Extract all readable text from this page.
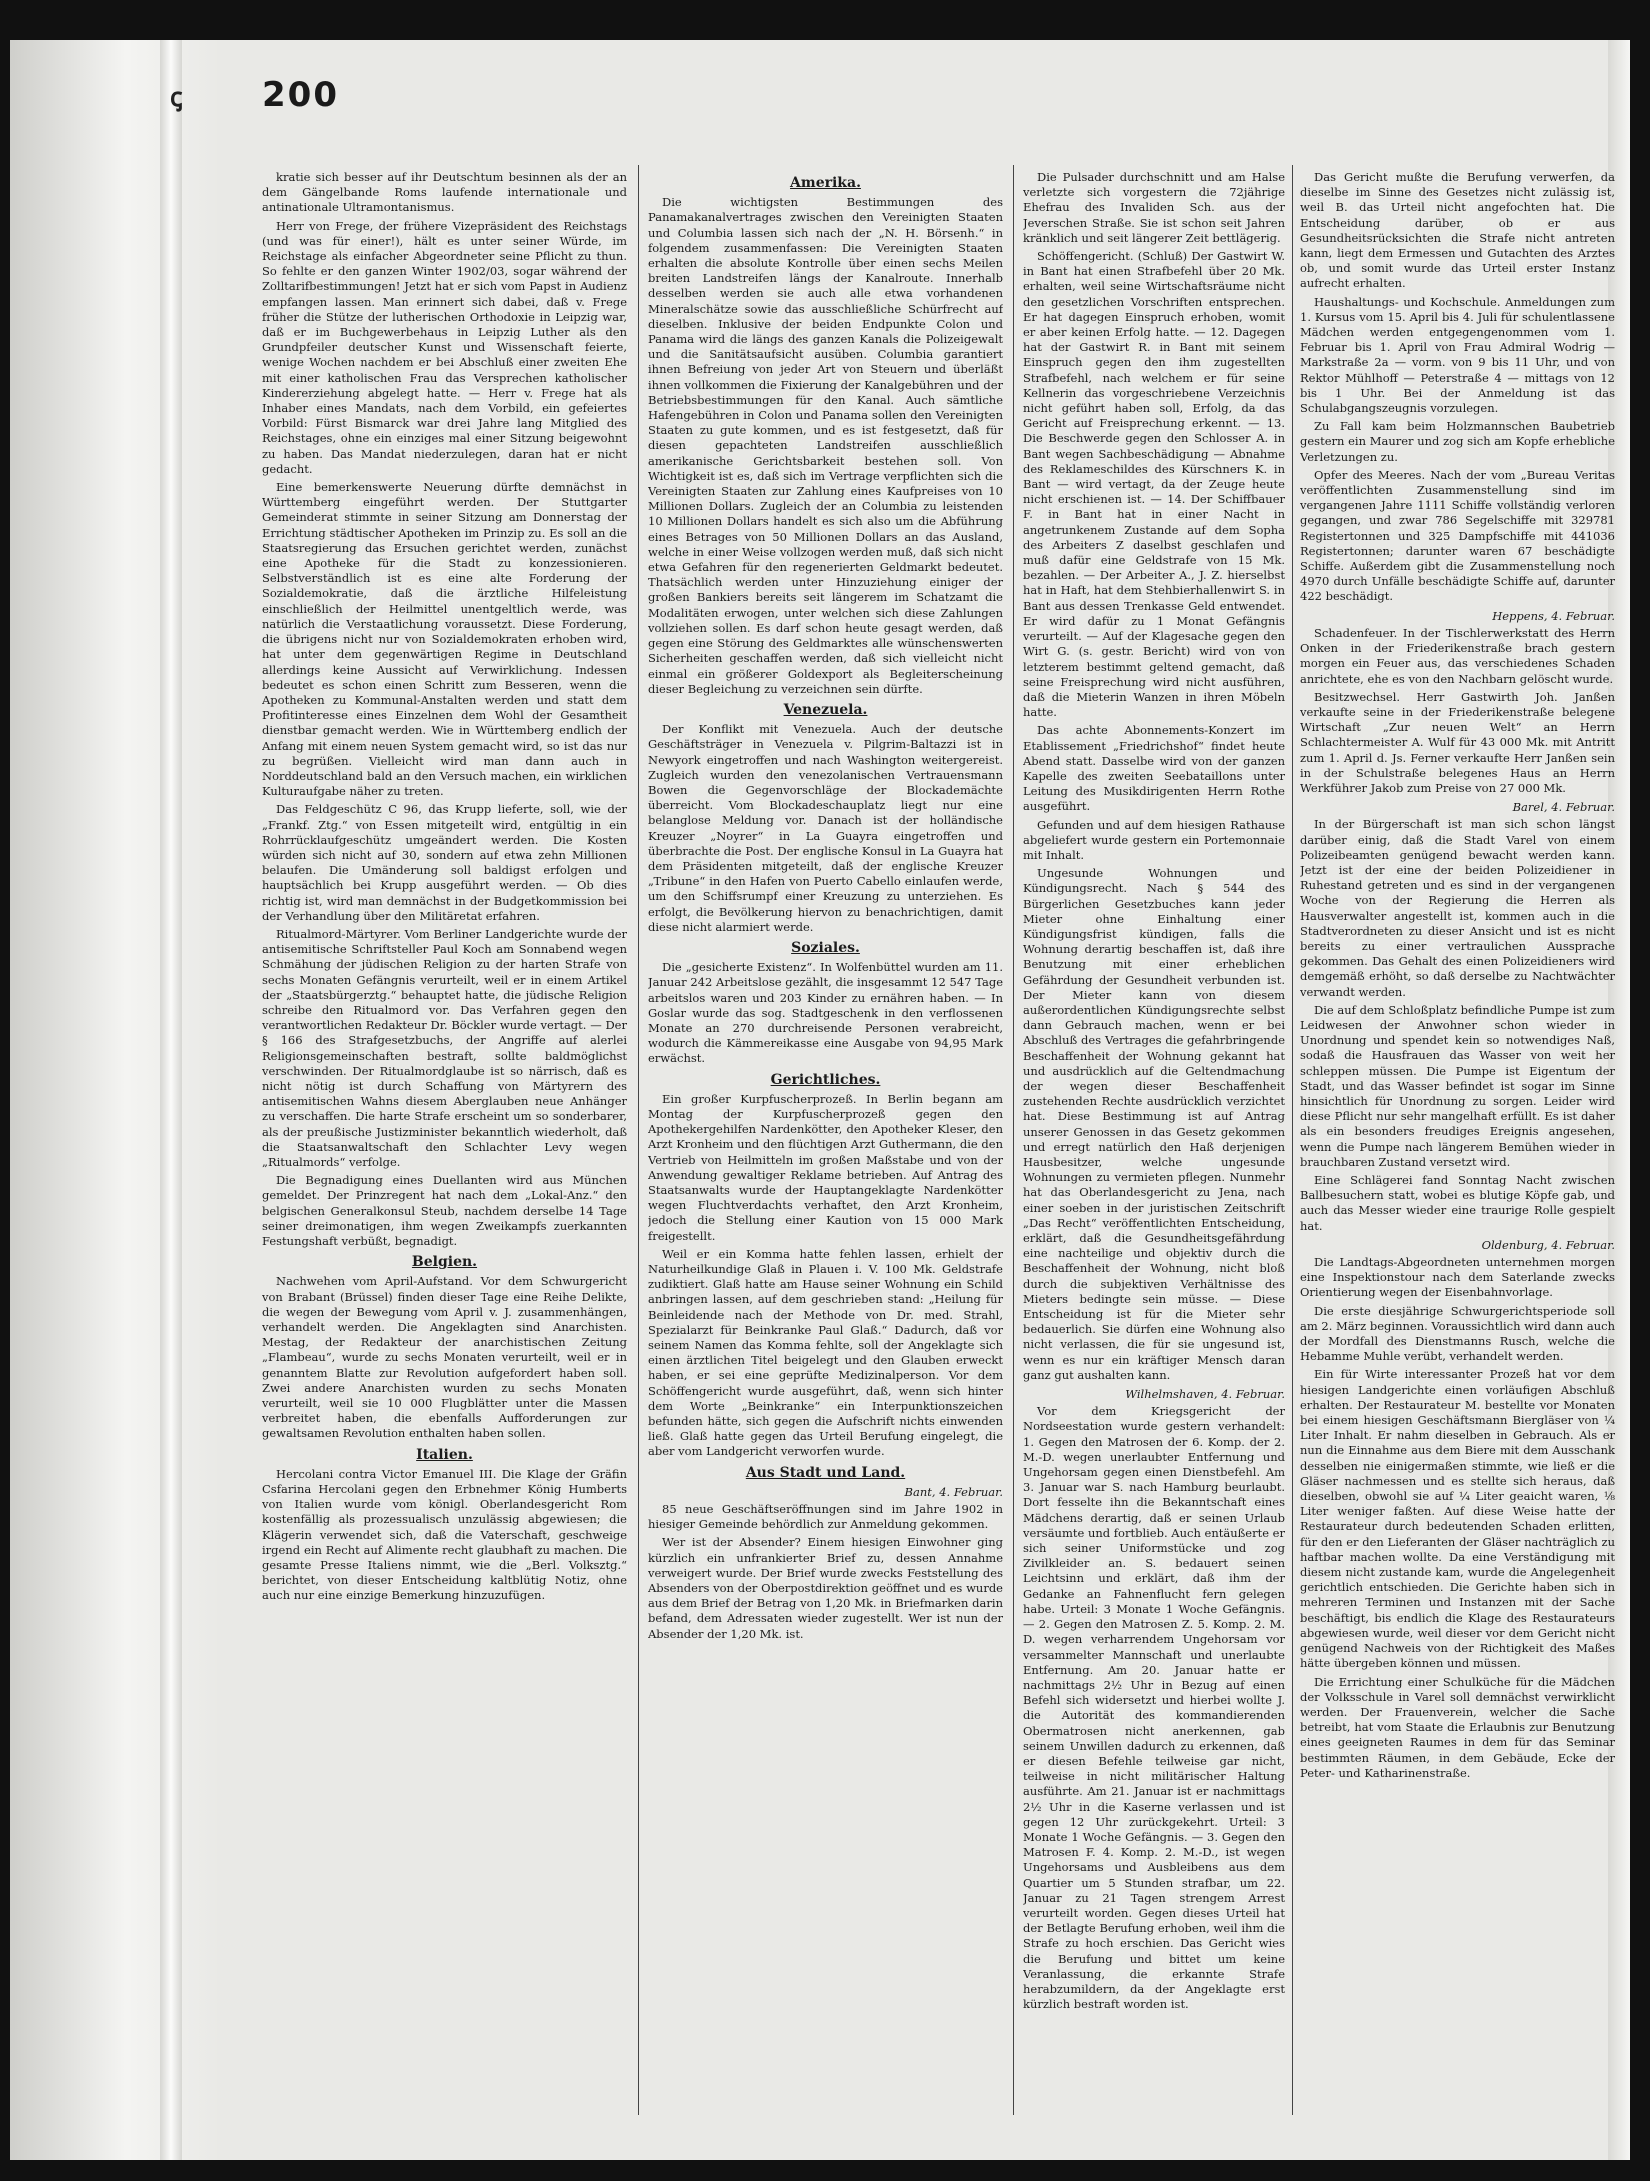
ꞔ 200

kratie sich besser auf ihr Deutschtum besinnen als der an dem Gängelbande Roms laufende internationale und antinationale Ultramontanismus.

Herr von Frege, der frühere Vizepräsident des Reichstags (und was für einer!), hält es unter seiner Würde, im Reichstage als einfacher Abgeordneter seine Pflicht zu thun. So fehlte er den ganzen Winter 1902/03, sogar während der Zolltarifbestimmungen! Jetzt hat er sich vom Papst in Audienz empfangen lassen. Man erinnert sich dabei, daß v. Frege früher die Stütze der lutherischen Orthodoxie in Leipzig war, daß er im Buchgewerbehaus in Leipzig Luther als den Grundpfeiler deutscher Kunst und Wissenschaft feierte, wenige Wochen nachdem er bei Abschluß einer zweiten Ehe mit einer katholischen Frau das Versprechen katholischer Kindererziehung abgelegt hatte. — Herr v. Frege hat als Inhaber eines Mandats, nach dem Vorbild, ein gefeiertes Vorbild: Fürst Bismarck war drei Jahre lang Mitglied des Reichstages, ohne ein einziges mal einer Sitzung beigewohnt zu haben. Das Mandat niederzulegen, daran hat er nicht gedacht.

Eine bemerkenswerte Neuerung dürfte demnächst in Württemberg eingeführt werden. Der Stuttgarter Gemeinderat stimmte in seiner Sitzung am Donnerstag der Errichtung städtischer Apotheken im Prinzip zu. Es soll an die Staatsregierung das Ersuchen gerichtet werden, zunächst eine Apotheke für die Stadt zu konzessionieren. Selbstverständlich ist es eine alte Forderung der Sozialdemokratie, daß die ärztliche Hilfeleistung einschließlich der Heilmittel unentgeltlich werde, was natürlich die Verstaatlichung voraussetzt. Diese Forderung, die übrigens nicht nur von Sozialdemokraten erhoben wird, hat unter dem gegenwärtigen Regime in Deutschland allerdings keine Aussicht auf Verwirklichung. Indessen bedeutet es schon einen Schritt zum Besseren, wenn die Apotheken zu Kommunal-Anstalten werden und statt dem Profitinteresse eines Einzelnen dem Wohl der Gesamtheit dienstbar gemacht werden. Wie in Württemberg endlich der Anfang mit einem neuen System gemacht wird, so ist das nur zu begrüßen. Vielleicht wird man dann auch in Norddeutschland bald an den Versuch machen, ein wirklichen Kulturaufgabe näher zu treten.

Das Feldgeschütz C 96, das Krupp lieferte, soll, wie der „Frankf. Ztg.“ von Essen mitgeteilt wird, entgültig in ein Rohrrücklaufgeschütz umgeändert werden. Die Kosten würden sich nicht auf 30, sondern auf etwa zehn Millionen belaufen. Die Umänderung soll baldigst erfolgen und hauptsächlich bei Krupp ausgeführt werden. — Ob dies richtig ist, wird man demnächst in der Budgetkommission bei der Verhandlung über den Militäretat erfahren.

Ritualmord-Märtyrer. Vom Berliner Landgerichte wurde der antisemitische Schriftsteller Paul Koch am Sonnabend wegen Schmähung der jüdischen Religion zu der harten Strafe von sechs Monaten Gefängnis verurteilt, weil er in einem Artikel der „Staatsbürgerztg.“ behauptet hatte, die jüdische Religion schreibe den Ritualmord vor. Das Verfahren gegen den verantwortlichen Redakteur Dr. Böckler wurde vertagt. — Der § 166 des Strafgesetzbuchs, der Angriffe auf alerlei Religionsgemeinschaften bestraft, sollte baldmöglichst verschwinden. Der Ritualmordglaube ist so närrisch, daß es nicht nötig ist durch Schaffung von Märtyrern des antisemitischen Wahns diesem Aberglauben neue Anhänger zu verschaffen. Die harte Strafe erscheint um so sonderbarer, als der preußische Justizminister bekanntlich wiederholt, daß die Staatsanwaltschaft den Schlachter Levy wegen „Ritualmords“ verfolge.

Die Begnadigung eines Duellanten wird aus München gemeldet. Der Prinzregent hat nach dem „Lokal-Anz.“ den belgischen Generalkonsul Steub, nachdem derselbe 14 Tage seiner dreimonatigen, ihm wegen Zweikampfs zuerkannten Festungshaft verbüßt, begnadigt.

Belgien.

Nachwehen vom April-Aufstand. Vor dem Schwurgericht von Brabant (Brüssel) finden dieser Tage eine Reihe Delikte, die wegen der Bewegung vom April v. J. zusammenhängen, verhandelt werden. Die Angeklagten sind Anarchisten. Mestag, der Redakteur der anarchistischen Zeitung „Flambeau“, wurde zu sechs Monaten verurteilt, weil er in genanntem Blatte zur Revolution aufgefordert haben soll. Zwei andere Anarchisten wurden zu sechs Monaten verurteilt, weil sie 10 000 Flugblätter unter die Massen verbreitet haben, die ebenfalls Aufforderungen zur gewaltsamen Revolution enthalten haben sollen.

Italien.

Hercolani contra Victor Emanuel III. Die Klage der Gräfin Csfarina Hercolani gegen den Erbnehmer König Humberts von Italien wurde vom königl. Oberlandesgericht Rom kostenfällig als prozessualisch unzulässig abgewiesen; die Klägerin verwendet sich, daß die Vaterschaft, geschweige irgend ein Recht auf Alimente recht glaubhaft zu machen. Die gesamte Presse Italiens nimmt, wie die „Berl. Volksztg.“ berichtet, von dieser Entscheidung kaltblütig Notiz, ohne auch nur eine einzige Bemerkung hinzuzufügen.

Amerika.

Die wichtigsten Bestimmungen des Panamakanalvertrages zwischen den Vereinigten Staaten und Columbia lassen sich nach der „N. H. Börsenh.“ in folgendem zusammenfassen: Die Vereinigten Staaten erhalten die absolute Kontrolle über einen sechs Meilen breiten Landstreifen längs der Kanalroute. Innerhalb desselben werden sie auch alle etwa vorhandenen Mineralschätze sowie das ausschließliche Schürfrecht auf dieselben. Inklusive der beiden Endpunkte Colon und Panama wird die längs des ganzen Kanals die Polizeigewalt und die Sanitätsaufsicht ausüben. Columbia garantiert ihnen Befreiung von jeder Art von Steuern und überläßt ihnen vollkommen die Fixierung der Kanalgebühren und der Betriebsbestimmungen für den Kanal. Auch sämtliche Hafengebühren in Colon und Panama sollen den Vereinigten Staaten zu gute kommen, und es ist festgesetzt, daß für diesen gepachteten Landstreifen ausschließlich amerikanische Gerichtsbarkeit bestehen soll. Von Wichtigkeit ist es, daß sich im Vertrage verpflichten sich die Vereinigten Staaten zur Zahlung eines Kaufpreises von 10 Millionen Dollars. Zugleich der an Columbia zu leistenden 10 Millionen Dollars handelt es sich also um die Abführung eines Betrages von 50 Millionen Dollars an das Ausland, welche in einer Weise vollzogen werden muß, daß sich nicht etwa Gefahren für den regenerierten Geldmarkt bedeutet. Thatsächlich werden unter Hinzuziehung einiger der großen Bankiers bereits seit längerem im Schatzamt die Modalitäten erwogen, unter welchen sich diese Zahlungen vollziehen sollen. Es darf schon heute gesagt werden, daß gegen eine Störung des Geldmarktes alle wünschenswerten Sicherheiten geschaffen werden, daß sich vielleicht nicht einmal ein größerer Goldexport als Begleiterscheinung dieser Begleichung zu verzeichnen sein dürfte.

Venezuela.

Der Konflikt mit Venezuela. Auch der deutsche Geschäftsträger in Venezuela v. Pilgrim-Baltazzi ist in Newyork eingetroffen und nach Washington weitergereist. Zugleich wurden den venezolanischen Vertrauensmann Bowen die Gegenvorschläge der Blockademächte überreicht. Vom Blockadeschauplatz liegt nur eine belanglose Meldung vor. Danach ist der holländische Kreuzer „Noyrer“ in La Guayra eingetroffen und überbrachte die Post. Der englische Konsul in La Guayra hat dem Präsidenten mitgeteilt, daß der englische Kreuzer „Tribune“ in den Hafen von Puerto Cabello einlaufen werde, um den Schiffsrumpf einer Kreuzung zu unterziehen. Es erfolgt, die Bevölkerung hiervon zu benachrichtigen, damit diese nicht alarmiert werde.

Soziales.

Die „gesicherte Existenz“. In Wolfenbüttel wurden am 11. Januar 242 Arbeitslose gezählt, die insgesammt 12 547 Tage arbeitslos waren und 203 Kinder zu ernähren haben. — In Goslar wurde das sog. Stadtgeschenk in den verflossenen Monate an 270 durchreisende Personen verabreicht, wodurch die Kämmereikasse eine Ausgabe von 94,95 Mark erwächst.

Gerichtliches.

Ein großer Kurpfuscherprozeß. In Berlin begann am Montag der Kurpfuscherprozeß gegen den Apothekergehilfen Nardenkötter, den Apotheker Kleser, den Arzt Kronheim und den flüchtigen Arzt Guthermann, die den Vertrieb von Heilmitteln im großen Maßstabe und von der Anwendung gewaltiger Reklame betrieben. Auf Antrag des Staatsanwalts wurde der Hauptangeklagte Nardenkötter wegen Fluchtverdachts verhaftet, den Arzt Kronheim, jedoch die Stellung einer Kaution von 15 000 Mark freigestellt.

Weil er ein Komma hatte fehlen lassen, erhielt der Naturheilkundige Glaß in Plauen i. V. 100 Mk. Geldstrafe zudiktiert. Glaß hatte am Hause seiner Wohnung ein Schild anbringen lassen, auf dem geschrieben stand: „Heilung für Beinleidende nach der Methode von Dr. med. Strahl, Spezialarzt für Beinkranke Paul Glaß.“ Dadurch, daß vor seinem Namen das Komma fehlte, soll der Angeklagte sich einen ärztlichen Titel beigelegt und den Glauben erweckt haben, er sei eine geprüfte Medizinalperson. Vor dem Schöffengericht wurde ausgeführt, daß, wenn sich hinter dem Worte „Beinkranke“ ein Interpunktionszeichen befunden hätte, sich gegen die Aufschrift nichts einwenden ließ. Glaß hatte gegen das Urteil Berufung eingelegt, die aber vom Landgericht verworfen wurde.

Aus Stadt und Land.
Bant, 4. Februar.

85 neue Geschäftseröffnungen sind im Jahre 1902 in hiesiger Gemeinde behördlich zur Anmeldung gekommen.

Wer ist der Absender? Einem hiesigen Einwohner ging kürzlich ein unfrankierter Brief zu, dessen Annahme verweigert wurde. Der Brief wurde zwecks Feststellung des Absenders von der Oberpostdirektion geöffnet und es wurde aus dem Brief der Betrag von 1,20 Mk. in Briefmarken darin befand, dem Adressaten wieder zugestellt. Wer ist nun der Absender der 1,20 Mk. ist.

Die Pulsader durchschnitt und am Halse verletzte sich vorgestern die 72jährige Ehefrau des Invaliden Sch. aus der Jeverschen Straße. Sie ist schon seit Jahren kränklich und seit längerer Zeit bettlägerig.

Schöffengericht. (Schluß) Der Gastwirt W. in Bant hat einen Strafbefehl über 20 Mk. erhalten, weil seine Wirtschaftsräume nicht den gesetzlichen Vorschriften entsprechen. Er hat dagegen Einspruch erhoben, womit er aber keinen Erfolg hatte. — 12. Dagegen hat der Gastwirt R. in Bant mit seinem Einspruch gegen den ihm zugestellten Strafbefehl, nach welchem er für seine Kellnerin das vorgeschriebene Verzeichnis nicht geführt haben soll, Erfolg, da das Gericht auf Freisprechung erkennt. — 13. Die Beschwerde gegen den Schlosser A. in Bant wegen Sachbeschädigung — Abnahme des Reklameschildes des Kürschners K. in Bant — wird vertagt, da der Zeuge heute nicht erschienen ist. — 14. Der Schiffbauer F. in Bant hat in einer Nacht in angetrunkenem Zustande auf dem Sopha des Arbeiters Z daselbst geschlafen und muß dafür eine Geldstrafe von 15 Mk. bezahlen. — Der Arbeiter A., J. Z. hierselbst hat in Haft, hat dem Stehbierhallenwirt S. in Bant aus dessen Trenkasse Geld entwendet. Er wird dafür zu 1 Monat Gefängnis verurteilt. — Auf der Klagesache gegen den Wirt G. (s. gestr. Bericht) wird von von letzterem bestimmt geltend gemacht, daß seine Freisprechung wird nicht ausführen, daß die Mieterin Wanzen in ihren Möbeln hatte.

Das achte Abonnements-Konzert im Etablissement „Friedrichshof“ findet heute Abend statt. Dasselbe wird von der ganzen Kapelle des zweiten Seebataillons unter Leitung des Musikdirigenten Herrn Rothe ausgeführt.

Gefunden und auf dem hiesigen Rathause abgeliefert wurde gestern ein Portemonnaie mit Inhalt.

Ungesunde Wohnungen und Kündigungsrecht. Nach § 544 des Bürgerlichen Gesetzbuches kann jeder Mieter ohne Einhaltung einer Kündigungsfrist kündigen, falls die Wohnung derartig beschaffen ist, daß ihre Benutzung mit einer erheblichen Gefährdung der Gesundheit verbunden ist. Der Mieter kann von diesem außerordentlichen Kündigungsrechte selbst dann Gebrauch machen, wenn er bei Abschluß des Vertrages die gefahrbringende Beschaffenheit der Wohnung gekannt hat und ausdrücklich auf die Geltendmachung der wegen dieser Beschaffenheit zustehenden Rechte ausdrücklich verzichtet hat. Diese Bestimmung ist auf Antrag unserer Genossen in das Gesetz gekommen und erregt natürlich den Haß derjenigen Hausbesitzer, welche ungesunde Wohnungen zu vermieten pflegen. Nunmehr hat das Oberlandesgericht zu Jena, nach einer soeben in der juristischen Zeitschrift „Das Recht“ veröffentlichten Entscheidung, erklärt, daß die Gesundheitsgefährdung eine nachteilige und objektiv durch die Beschaffenheit der Wohnung, nicht bloß durch die subjektiven Verhältnisse des Mieters bedingte sein müsse. — Diese Entscheidung ist für die Mieter sehr bedauerlich. Sie dürfen eine Wohnung also nicht verlassen, die für sie ungesund ist, wenn es nur ein kräftiger Mensch daran ganz gut aushalten kann.

Wilhelmshaven, 4. Februar.

Vor dem Kriegsgericht der Nordseestation wurde gestern verhandelt: 1. Gegen den Matrosen der 6. Komp. der 2. M.-D. wegen unerlaubter Entfernung und Ungehorsam gegen einen Dienstbefehl. Am 3. Januar war S. nach Hamburg beurlaubt. Dort fesselte ihn die Bekanntschaft eines Mädchens derartig, daß er seinen Urlaub versäumte und fortblieb. Auch entäußerte er sich seiner Uniformstücke und zog Zivilkleider an. S. bedauert seinen Leichtsinn und erklärt, daß ihm der Gedanke an Fahnenflucht fern gelegen habe. Urteil: 3 Monate 1 Woche Gefängnis. — 2. Gegen den Matrosen Z. 5. Komp. 2. M. D. wegen verharrendem Ungehorsam vor versammelter Mannschaft und unerlaubte Entfernung. Am 20. Januar hatte er nachmittags 2½ Uhr in Bezug auf einen Befehl sich widersetzt und hierbei wollte J. die Autorität des kommandierenden Obermatrosen nicht anerkennen, gab seinem Unwillen dadurch zu erkennen, daß er diesen Befehle teilweise gar nicht, teilweise in nicht militärischer Haltung ausführte. Am 21. Januar ist er nachmittags 2½ Uhr in die Kaserne verlassen und ist gegen 12 Uhr zurückgekehrt. Urteil: 3 Monate 1 Woche Gefängnis. — 3. Gegen den Matrosen F. 4. Komp. 2. M.-D., ist wegen Ungehorsams und Ausbleibens aus dem Quartier um 5 Stunden strafbar, um 22. Januar zu 21 Tagen strengem Arrest verurteilt worden. Gegen dieses Urteil hat der Betlagte Berufung erhoben, weil ihm die Strafe zu hoch erschien. Das Gericht wies die Berufung und bittet um keine Veranlassung, die erkannte Strafe herabzumildern, da der Angeklagte erst kürzlich bestraft worden ist.

Das Gericht mußte die Berufung verwerfen, da dieselbe im Sinne des Gesetzes nicht zulässig ist, weil B. das Urteil nicht angefochten hat. Die Entscheidung darüber, ob er aus Gesundheitsrücksichten die Strafe nicht antreten kann, liegt dem Ermessen und Gutachten des Arztes ob, und somit wurde das Urteil erster Instanz aufrecht erhalten.

Haushaltungs- und Kochschule. Anmeldungen zum 1. Kursus vom 15. April bis 4. Juli für schulentlassene Mädchen werden entgegengenommen vom 1. Februar bis 1. April von Frau Admiral Wodrig — Markstraße 2a — vorm. von 9 bis 11 Uhr, und von Rektor Mühlhoff — Peterstraße 4 — mittags von 12 bis 1 Uhr. Bei der Anmeldung ist das Schulabgangszeugnis vorzulegen.

Zu Fall kam beim Holzmannschen Baubetrieb gestern ein Maurer und zog sich am Kopfe erhebliche Verletzungen zu.

Opfer des Meeres. Nach der vom „Bureau Veritas veröffentlichten Zusammenstellung sind im vergangenen Jahre 1111 Schiffe vollständig verloren gegangen, und zwar 786 Segelschiffe mit 329781 Registertonnen und 325 Dampfschiffe mit 441036 Registertonnen; darunter waren 67 beschädigte Schiffe. Außerdem gibt die Zusammenstellung noch 4970 durch Unfälle beschädigte Schiffe auf, darunter 422 beschädigt.

Heppens, 4. Februar.

Schadenfeuer. In der Tischlerwerkstatt des Herrn Onken in der Friederikenstraße brach gestern morgen ein Feuer aus, das verschiedenes Schaden anrichtete, ehe es von den Nachbarn gelöscht wurde.

Besitzwechsel. Herr Gastwirth Joh. Janßen verkaufte seine in der Friederikenstraße belegene Wirtschaft „Zur neuen Welt“ an Herrn Schlachtermeister A. Wulf für 43 000 Mk. mit Antritt zum 1. April d. Js. Ferner verkaufte Herr Janßen sein in der Schulstraße belegenes Haus an Herrn Werkführer Jakob zum Preise von 27 000 Mk.

Barel, 4. Februar.

In der Bürgerschaft ist man sich schon längst darüber einig, daß die Stadt Varel von einem Polizeibeamten genügend bewacht werden kann. Jetzt ist der eine der beiden Polizeidiener in Ruhestand getreten und es sind in der vergangenen Woche von der Regierung die Herren als Hausverwalter angestellt ist, kommen auch in die Stadtverordneten zu dieser Ansicht und ist es nicht bereits zu einer vertraulichen Aussprache gekommen. Das Gehalt des einen Polizeidieners wird demgemäß erhöht, so daß derselbe zu Nachtwächter verwandt werden.

Die auf dem Schloßplatz befindliche Pumpe ist zum Leidwesen der Anwohner schon wieder in Unordnung und spendet kein so notwendiges Naß, sodaß die Hausfrauen das Wasser von weit her schleppen müssen. Die Pumpe ist Eigentum der Stadt, und das Wasser befindet ist sogar im Sinne hinsichtlich für Unordnung zu sorgen. Leider wird diese Pflicht nur sehr mangelhaft erfüllt. Es ist daher als ein besonders freudiges Ereignis angesehen, wenn die Pumpe nach längerem Bemühen wieder in brauchbaren Zustand versetzt wird.

Eine Schlägerei fand Sonntag Nacht zwischen Ballbesuchern statt, wobei es blutige Köpfe gab, und auch das Messer wieder eine traurige Rolle gespielt hat.

Oldenburg, 4. Februar.

Die Landtags-Abgeordneten unternehmen morgen eine Inspektionstour nach dem Saterlande zwecks Orientierung wegen der Eisenbahnvorlage.

Die erste diesjährige Schwurgerichtsperiode soll am 2. März beginnen. Voraussichtlich wird dann auch der Mordfall des Dienstmanns Rusch, welche die Hebamme Muhle verübt, verhandelt werden.

Ein für Wirte interessanter Prozeß hat vor dem hiesigen Landgerichte einen vorläufigen Abschluß erhalten. Der Restaurateur M. bestellte vor Monaten bei einem hiesigen Geschäftsmann Biergläser von ¼ Liter Inhalt. Er nahm dieselben in Gebrauch. Als er nun die Einnahme aus dem Biere mit dem Ausschank desselben nie einigermaßen stimmte, wie ließ er die Gläser nachmessen und es stellte sich heraus, daß dieselben, obwohl sie auf ¼ Liter geaicht waren, ⅛ Liter weniger faßten. Auf diese Weise hatte der Restaurateur durch bedeutenden Schaden erlitten, für den er den Lieferanten der Gläser nachträglich zu haftbar machen wollte. Da eine Verständigung mit diesem nicht zustande kam, wurde die Angelegenheit gerichtlich entschieden. Die Gerichte haben sich in mehreren Terminen und Instanzen mit der Sache beschäftigt, bis endlich die Klage des Restaurateurs abgewiesen wurde, weil dieser vor dem Gericht nicht genügend Nachweis von der Richtigkeit des Maßes hätte übergeben können und müssen.

Die Errichtung einer Schulküche für die Mädchen der Volksschule in Varel soll demnächst verwirklicht werden. Der Frauenverein, welcher die Sache betreibt, hat vom Staate die Erlaubnis zur Benutzung eines geeigneten Raumes in dem für das Seminar bestimmten Räumen, in dem Gebäude, Ecke der Peter- und Katharinenstraße.
